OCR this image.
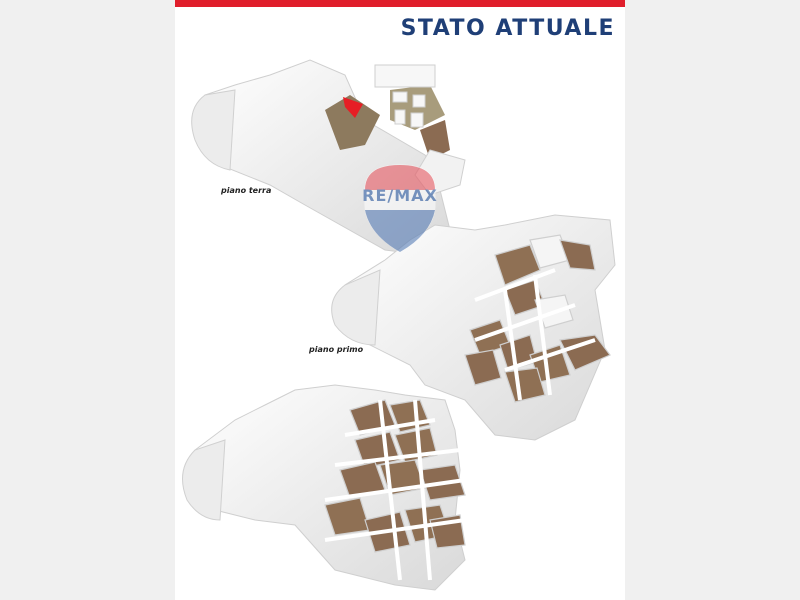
STATO ATTUALE
RE/MAX
piano terra
piano primo
